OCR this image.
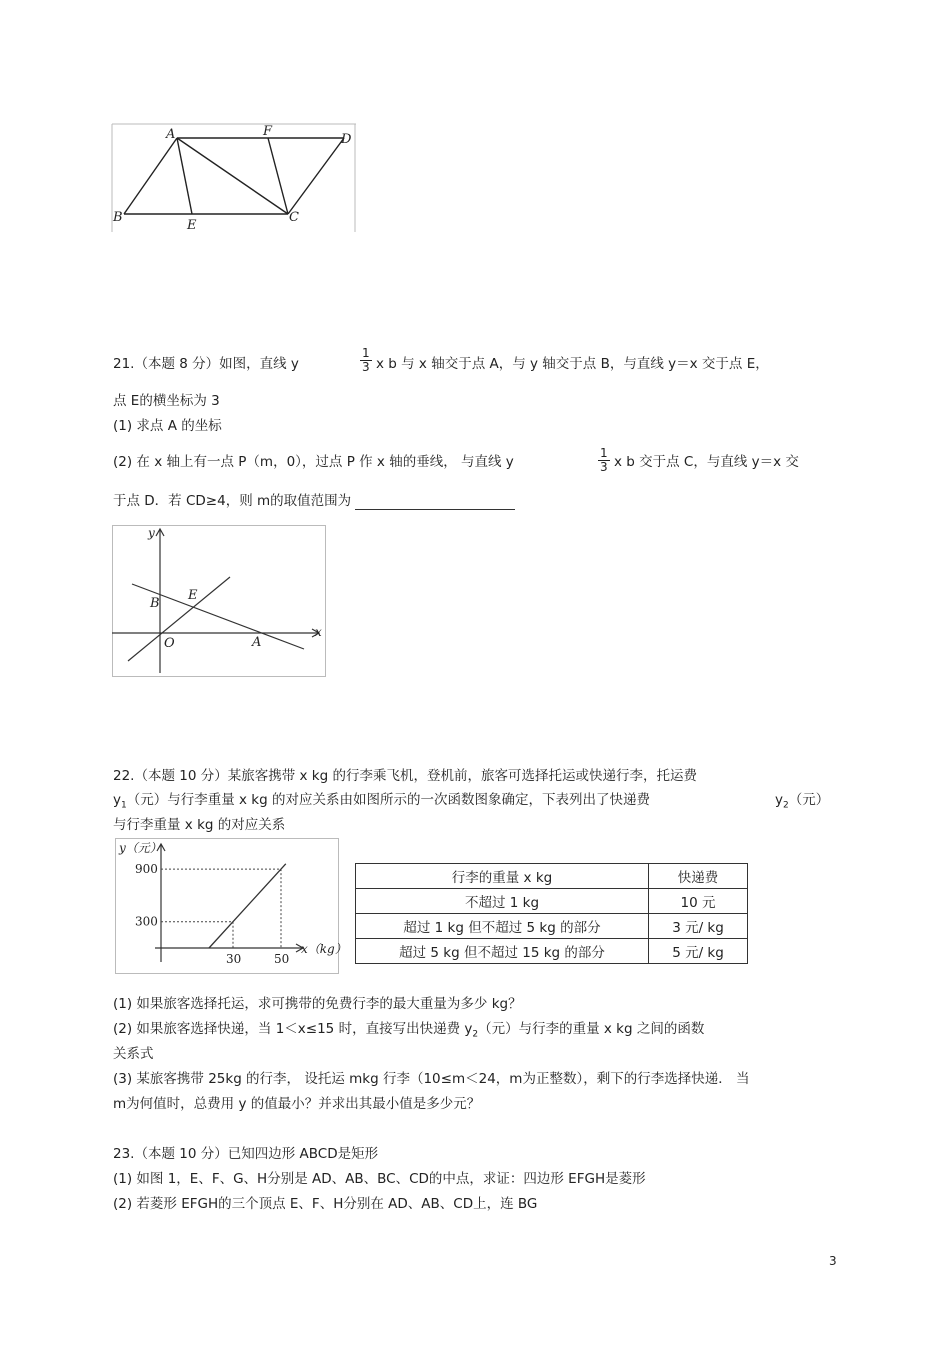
A	F
D
B
E
C
21.（本题 8 分）如图，直线 y	$\frac{1}{3}$ x b 与 x 轴交于点 A，与 y 轴交于点 B，与直线 y＝x 交于点 E，
点 E的横坐标为 3
(1) 求点 A 的坐标
(2) 在 x 轴上有一点 P（m，0），过点 P 作 x 轴的垂线， 与直线 y	$\frac{1}{3}$ x b 交于点 C，与直线 y＝x 交
于点 D．若 CD≥4，则 m的取值范围为
y
x
B
E
O	A
22.（本题 10 分）某旅客携带 x kg 的行李乘飞机，登机前，旅客可选择托运或快递行李，托运费
$y_1$（元）与行李重量 x kg 的对应关系由如图所示的一次函数图象确定，下表列出了快递费	$y_2$（元）
与行李重量 x kg 的对应关系
30
300
50
900
y（元）
x（kg）
行李的重量 x kg	快递费
不超过 1 kg	10 元
超过 1 kg 但不超过 5 kg 的部分	3 元/ kg
超过 5 kg 但不超过 15 kg 的部分	5 元/ kg
(1) 如果旅客选择托运，求可携带的免费行李的最大重量为多少 kg？
(2) 如果旅客选择快递，当 1＜x≤15 时，直接写出快递费 $y_2$（元）与行李的重量 x kg 之间的函数
关系式
(3) 某旅客携带 25kg 的行李， 设托运 mkg 行李（10≤m＜24，m为正整数），剩下的行李选择快递． 当
m为何值时，总费用 y 的值最小？并求出其最小值是多少元？
23.（本题 10 分）已知四边形 ABCD是矩形
(1) 如图 1，E、F、G、H分别是 AD、AB、BC、CD的中点，求证：四边形 EFGH是菱形
(2) 若菱形 EFGH的三个顶点 E、F、H分别在 AD、AB、CD上，连 BG
3
